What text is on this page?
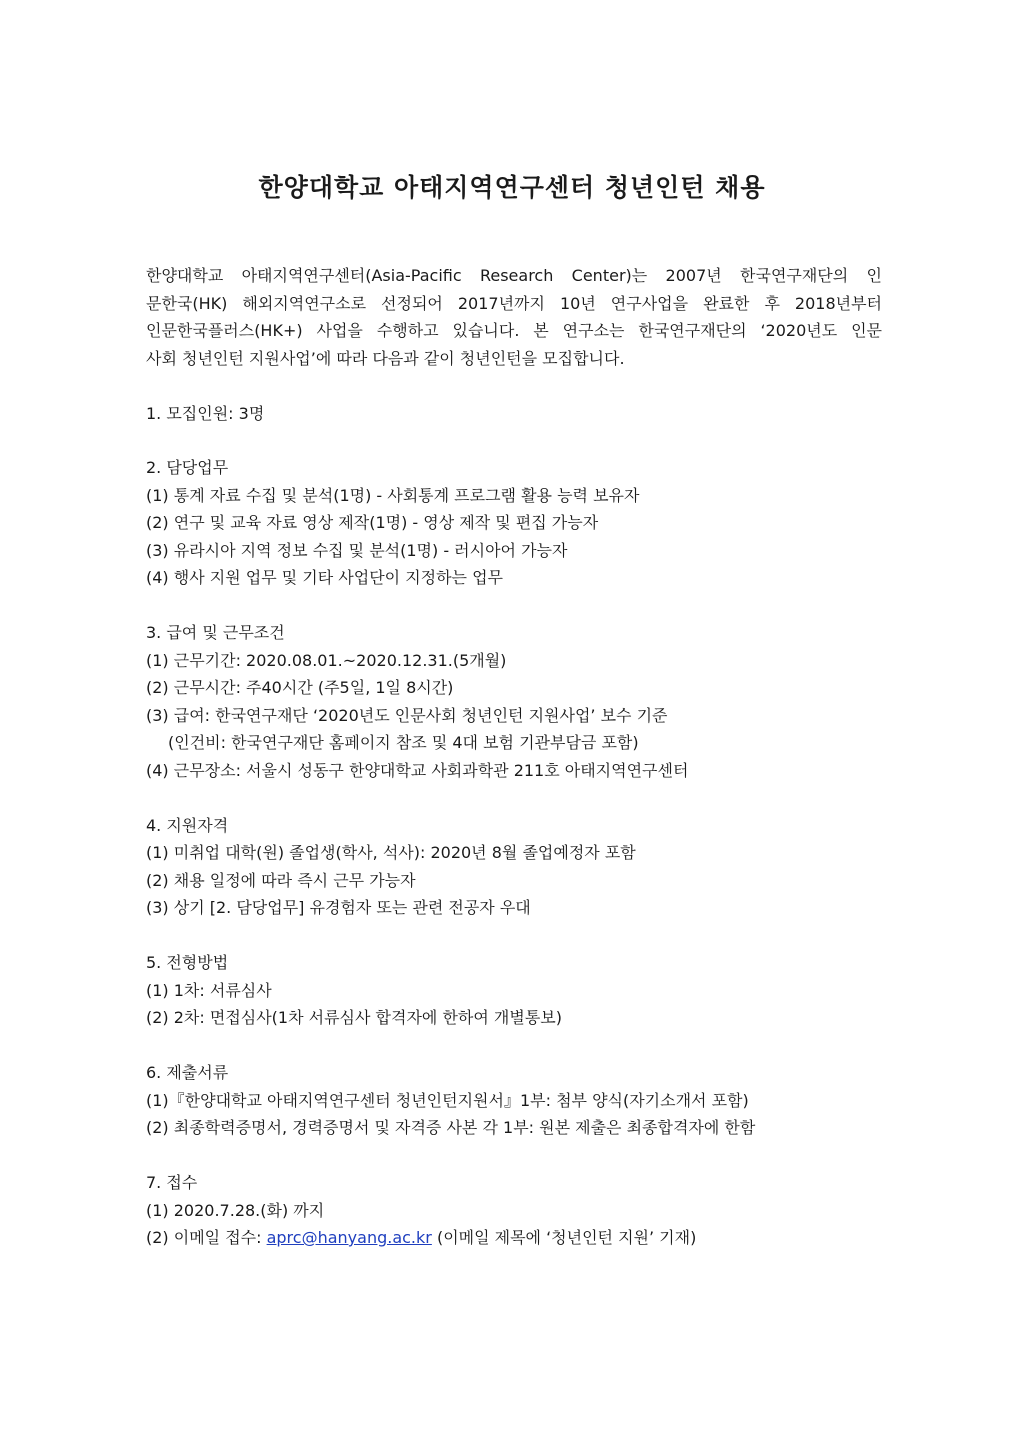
한양대학교 아태지역연구센터 청년인턴 채용

한양대학교 아태지역연구센터(Asia-Pacific Research Center)는 2007년 한국연구재단의 인
문한국(HK) 해외지역연구소로 선정되어 2017년까지 10년 연구사업을 완료한 후 2018년부터
인문한국플러스(HK+) 사업을 수행하고 있습니다. 본 연구소는 한국연구재단의 ‘2020년도 인문
사회 청년인턴 지원사업’에 따라 다음과 같이 청년인턴을 모집합니다.

1. 모집인원: 3명

2. 담당업무

(1) 통계 자료 수집 및 분석(1명) - 사회통계 프로그램 활용 능력 보유자

(2) 연구 및 교육 자료 영상 제작(1명) - 영상 제작 및 편집 가능자

(3) 유라시아 지역 정보 수집 및 분석(1명) - 러시아어 가능자

(4) 행사 지원 업무 및 기타 사업단이 지정하는 업무

3. 급여 및 근무조건

(1) 근무기간: 2020.08.01.~2020.12.31.(5개월)

(2) 근무시간: 주40시간 (주5일, 1일 8시간)

(3) 급여: 한국연구재단 ‘2020년도 인문사회 청년인턴 지원사업’ 보수 기준

(인건비: 한국연구재단 홈페이지 참조 및 4대 보험 기관부담금 포함)

(4) 근무장소: 서울시 성동구 한양대학교 사회과학관 211호 아태지역연구센터

4. 지원자격

(1) 미취업 대학(원) 졸업생(학사, 석사): 2020년 8월 졸업예정자 포함

(2) 채용 일정에 따라 즉시 근무 가능자

(3) 상기 [2. 담당업무] 유경험자 또는 관련 전공자 우대

5. 전형방법

(1) 1차: 서류심사

(2) 2차: 면접심사(1차 서류심사 합격자에 한하여 개별통보)

6. 제출서류

(1)『한양대학교 아태지역연구센터 청년인턴지원서』1부: 첨부 양식(자기소개서 포함)

(2) 최종학력증명서, 경력증명서 및 자격증 사본 각 1부: 원본 제출은 최종합격자에 한함

7. 접수

(1) 2020.7.28.(화) 까지

(2) 이메일 접수: aprc@hanyang.ac.kr (이메일 제목에 ‘청년인턴 지원’ 기재)
